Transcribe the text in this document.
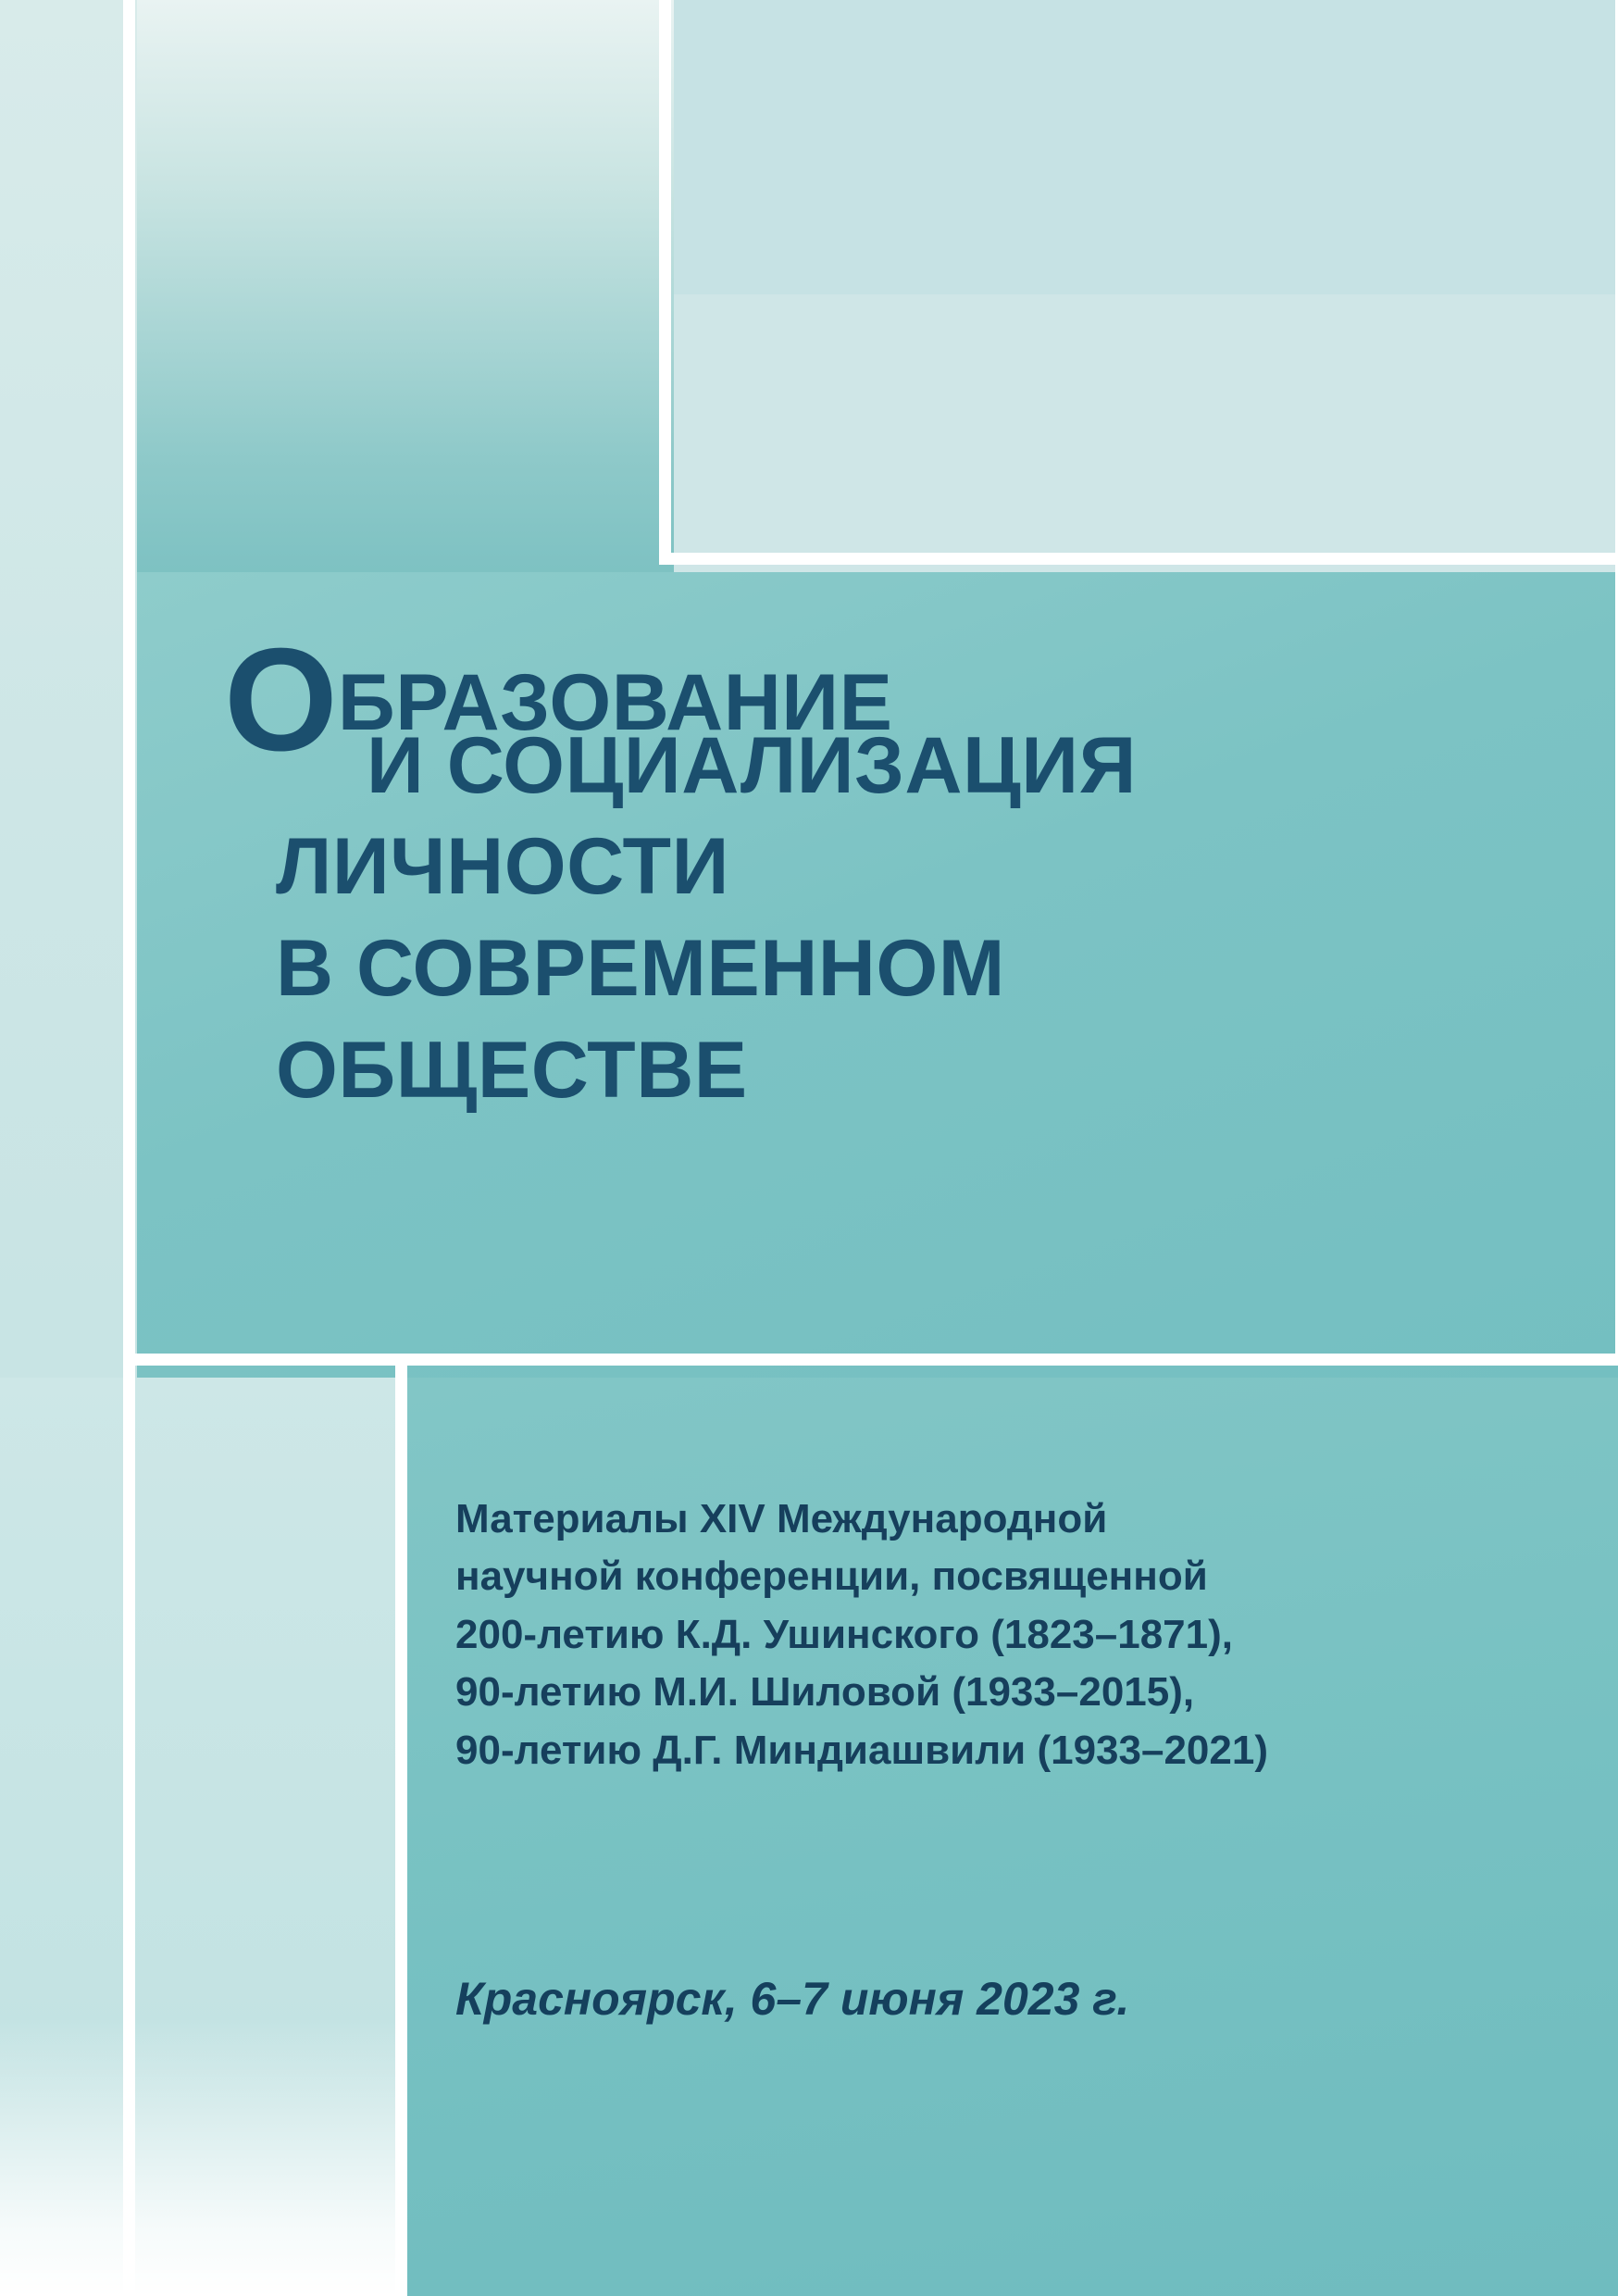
ОБРАЗОВАНИЕ
И СОЦИАЛИЗАЦИЯ
ЛИЧНОСТИ
В СОВРЕМЕННОМ
ОБЩЕСТВЕ
Материалы XIV Международной
научной конференции, посвященной
200-летию К.Д. Ушинского (1823–1871),
90-летию М.И. Шиловой (1933–2015),
90-летию Д.Г. Миндиашвили (1933–2021)
Красноярск, 6–7 июня 2023 г.
